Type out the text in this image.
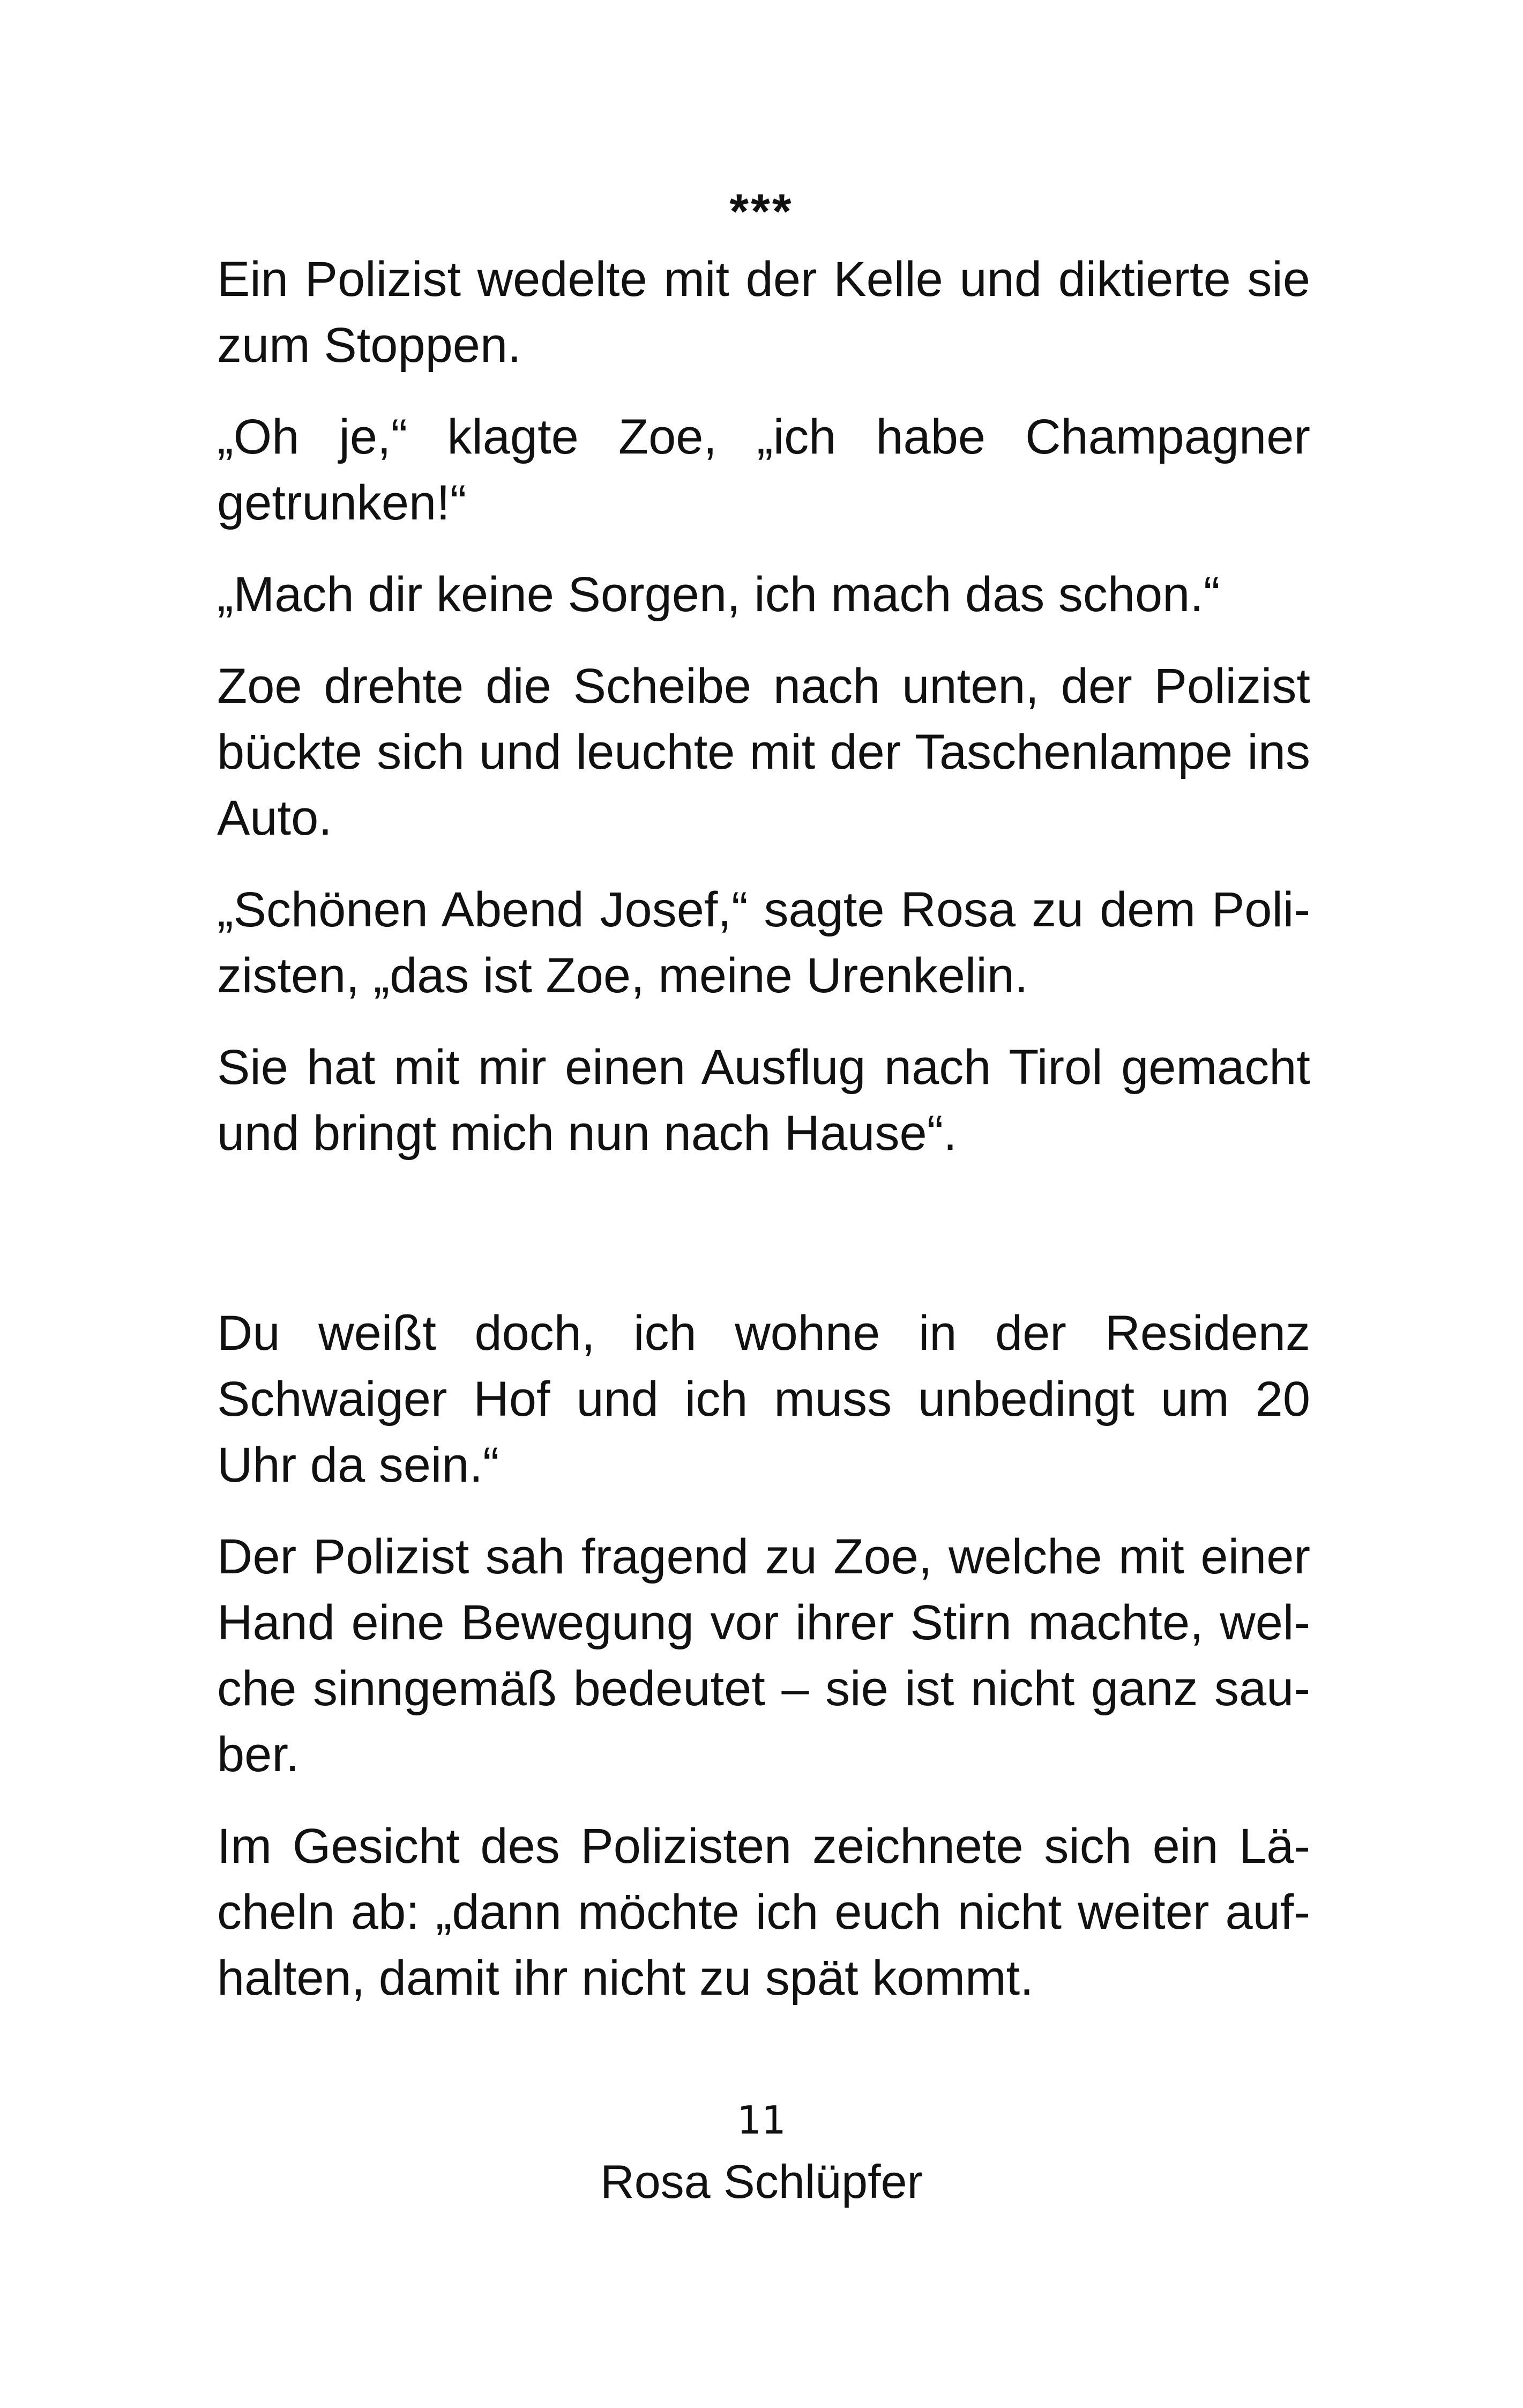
***

Ein Polizist wedelte mit der Kelle und diktierte sie zum Stoppen.

„Oh je,“ klagte Zoe, „ich habe Champagner getrunken!“

„Mach dir keine Sorgen, ich mach das schon.“

Zoe drehte die Scheibe nach unten, der Polizist bückte sich und leuchte mit der Taschenlampe ins Auto.

„Schönen Abend Josef,“ sagte Rosa zu dem Polizisten, „das ist Zoe, meine Urenkelin.

Sie hat mit mir einen Ausflug nach Tirol gemacht und bringt mich nun nach Hause“.

Du weißt doch, ich wohne in der Residenz Schwaiger Hof und ich muss unbedingt um 20 Uhr da sein.“

Der Polizist sah fragend zu Zoe, welche mit einer Hand eine Bewegung vor ihrer Stirn machte, welche sinngemäß bedeutet – sie ist nicht ganz sauber.

Im Gesicht des Polizisten zeichnete sich ein Lächeln ab: „dann möchte ich euch nicht weiter aufhalten, damit ihr nicht zu spät kommt.

11
Rosa Schlüpfer
